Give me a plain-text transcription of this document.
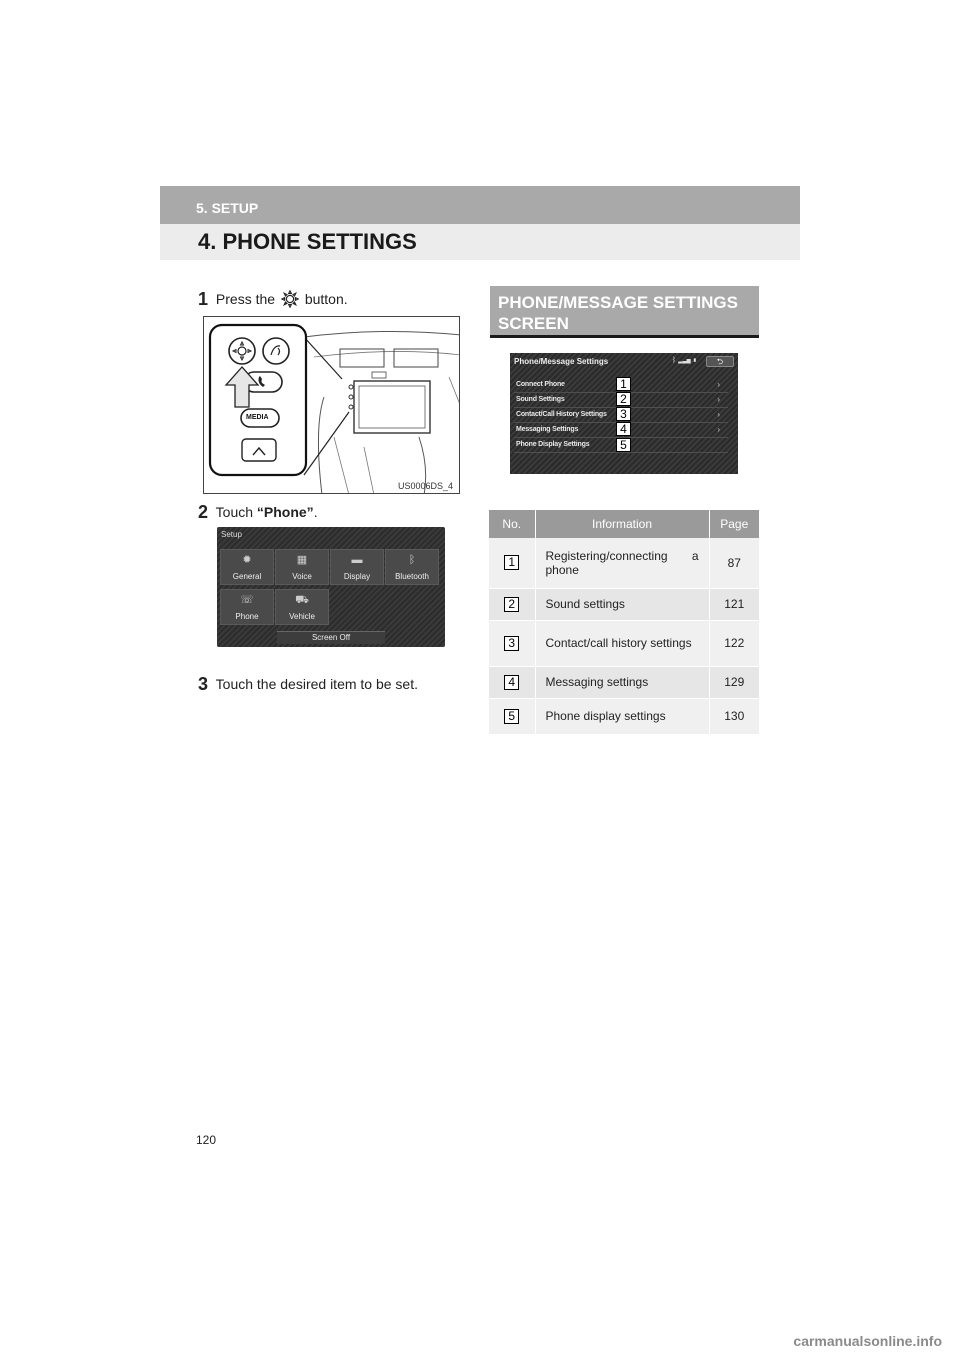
5. SETUP
4. PHONE SETTINGS
1 Press the button.
MEDIA
US0006DS_4
2 Touch “Phone”.
Setup
✹
General
▦
Voice
▬
Display
ᛒ
Bluetooth
☏
Phone
⛟
Vehicle
Screen Off
3 Touch the desired item to be set.
PHONE/MESSAGE SETTINGS SCREEN
Phone/Message Settings	ᛒ ▂▃▅ ▮	⮌
Connect Phone	›
Sound Settings	›
Contact/Call History Settings	›
Messaging Settings	›
Phone Display Settings
1
2
3
4
5
No.	Information	Page
1	Registering/connecting a phone	87
2	Sound settings	121
3	Contact/call history settings	122
4	Messaging settings	129
5	Phone display settings	130
120
carmanualsonline.info
